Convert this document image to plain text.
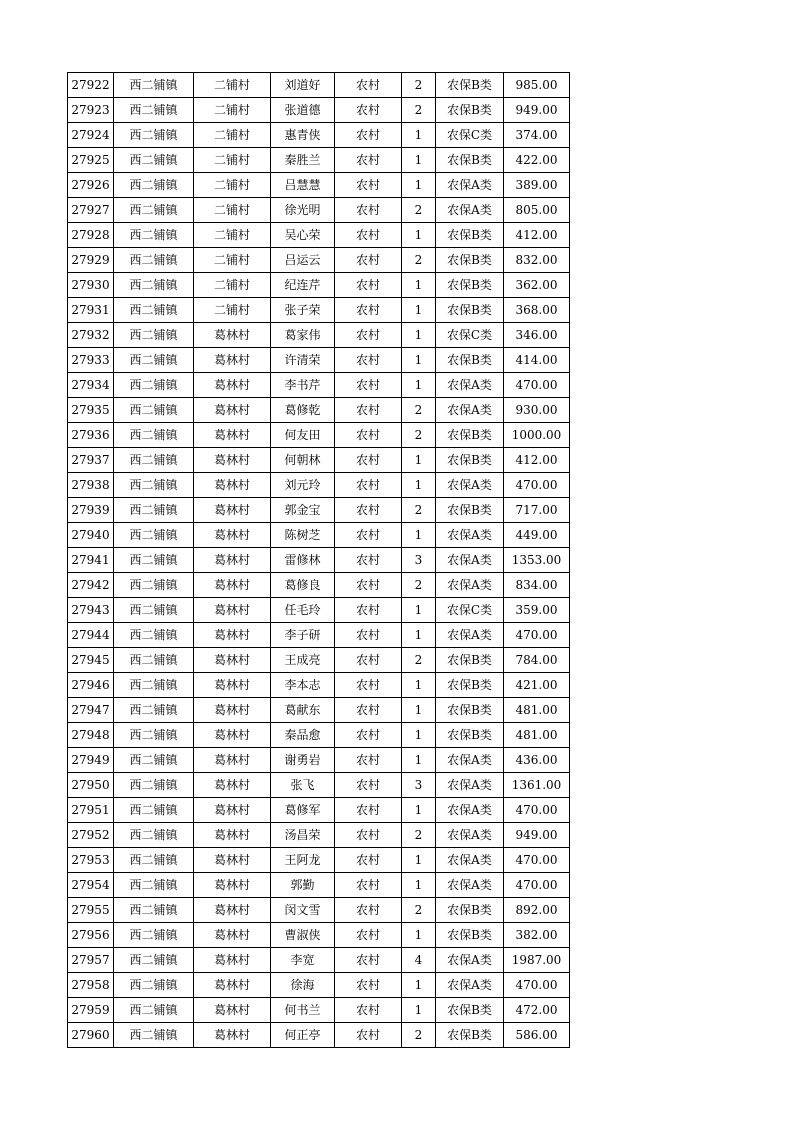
27922	西二铺镇	二铺村	刘道好	农村	2	农保B类	985.00
27923	西二铺镇	二铺村	张道德	农村	2	农保B类	949.00
27924	西二铺镇	二铺村	惠青侠	农村	1	农保C类	374.00
27925	西二铺镇	二铺村	秦胜兰	农村	1	农保B类	422.00
27926	西二铺镇	二铺村	吕慧慧	农村	1	农保A类	389.00
27927	西二铺镇	二铺村	徐光明	农村	2	农保A类	805.00
27928	西二铺镇	二铺村	吴心荣	农村	1	农保B类	412.00
27929	西二铺镇	二铺村	吕运云	农村	2	农保B类	832.00
27930	西二铺镇	二铺村	纪连芹	农村	1	农保B类	362.00
27931	西二铺镇	二铺村	张子荣	农村	1	农保B类	368.00
27932	西二铺镇	葛林村	葛家伟	农村	1	农保C类	346.00
27933	西二铺镇	葛林村	许清荣	农村	1	农保B类	414.00
27934	西二铺镇	葛林村	李书芹	农村	1	农保A类	470.00
27935	西二铺镇	葛林村	葛修乾	农村	2	农保A类	930.00
27936	西二铺镇	葛林村	何友田	农村	2	农保B类	1000.00
27937	西二铺镇	葛林村	何朝林	农村	1	农保B类	412.00
27938	西二铺镇	葛林村	刘元玲	农村	1	农保A类	470.00
27939	西二铺镇	葛林村	郭金宝	农村	2	农保B类	717.00
27940	西二铺镇	葛林村	陈树芝	农村	1	农保A类	449.00
27941	西二铺镇	葛林村	雷修林	农村	3	农保A类	1353.00
27942	西二铺镇	葛林村	葛修良	农村	2	农保A类	834.00
27943	西二铺镇	葛林村	任毛玲	农村	1	农保C类	359.00
27944	西二铺镇	葛林村	李子研	农村	1	农保A类	470.00
27945	西二铺镇	葛林村	王成亮	农村	2	农保B类	784.00
27946	西二铺镇	葛林村	李本志	农村	1	农保B类	421.00
27947	西二铺镇	葛林村	葛献东	农村	1	农保B类	481.00
27948	西二铺镇	葛林村	秦品愈	农村	1	农保B类	481.00
27949	西二铺镇	葛林村	谢勇岩	农村	1	农保A类	436.00
27950	西二铺镇	葛林村	张飞	农村	3	农保A类	1361.00
27951	西二铺镇	葛林村	葛修军	农村	1	农保A类	470.00
27952	西二铺镇	葛林村	汤昌荣	农村	2	农保A类	949.00
27953	西二铺镇	葛林村	王阿龙	农村	1	农保A类	470.00
27954	西二铺镇	葛林村	郭勤	农村	1	农保A类	470.00
27955	西二铺镇	葛林村	闵文雪	农村	2	农保B类	892.00
27956	西二铺镇	葛林村	曹淑侠	农村	1	农保B类	382.00
27957	西二铺镇	葛林村	李宽	农村	4	农保A类	1987.00
27958	西二铺镇	葛林村	徐海	农村	1	农保A类	470.00
27959	西二铺镇	葛林村	何书兰	农村	1	农保B类	472.00
27960	西二铺镇	葛林村	何正亭	农村	2	农保B类	586.00
